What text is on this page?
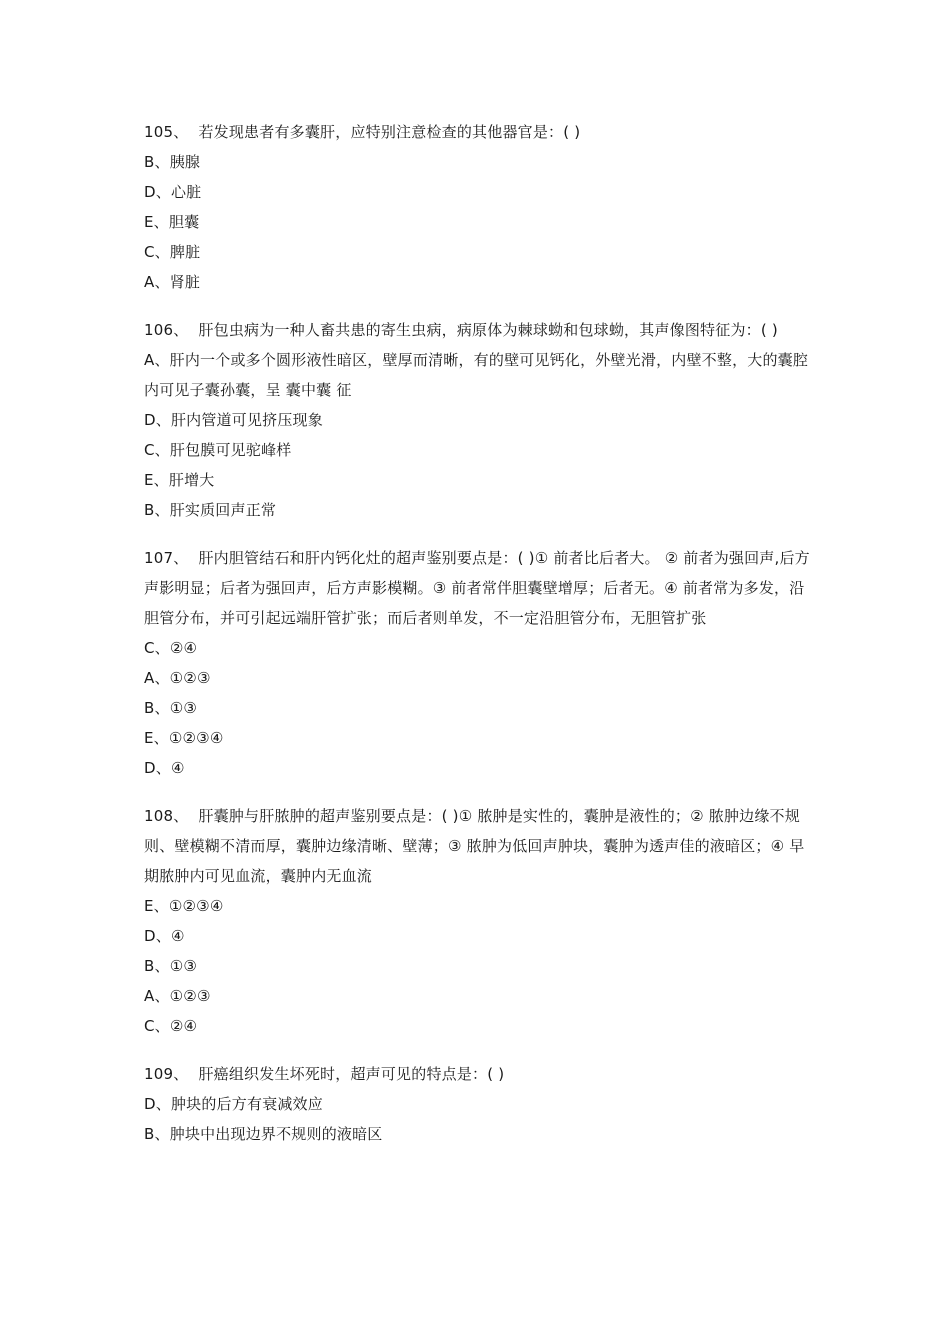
105、 若发现患者有多囊肝，应特别注意检查的其他器官是：( )

B、胰腺

D、心脏

E、胆囊

C、脾脏

A、肾脏

106、 肝包虫病为一种人畜共患的寄生虫病，病原体为棘球蚴和包球蚴，其声像图特征为：( )

A、肝内一个或多个圆形液性暗区，壁厚而清晰，有的壁可见钙化，外壁光滑，内壁不整，大的囊腔内可见子囊孙囊，呈 囊中囊 征

D、肝内管道可见挤压现象

C、肝包膜可见驼峰样

E、肝增大

B、肝实质回声正常

107、 肝内胆管结石和肝内钙化灶的超声鉴别要点是：( )① 前者比后者大。 ② 前者为强回声,后方声影明显；后者为强回声，后方声影模糊。③ 前者常伴胆囊壁增厚；后者无。④ 前者常为多发，沿胆管分布，并可引起远端肝管扩张；而后者则单发，不一定沿胆管分布，无胆管扩张

C、②④

A、①②③

B、①③

E、①②③④

D、④

108、 肝囊肿与肝脓肿的超声鉴别要点是：( )① 脓肿是实性的，囊肿是液性的；② 脓肿边缘不规则、壁模糊不清而厚，囊肿边缘清晰、壁薄；③ 脓肿为低回声肿块，囊肿为透声佳的液暗区；④ 早期脓肿内可见血流，囊肿内无血流

E、①②③④

D、④

B、①③

A、①②③

C、②④

109、 肝癌组织发生坏死时，超声可见的特点是：( )

D、肿块的后方有衰减效应

B、肿块中出现边界不规则的液暗区
